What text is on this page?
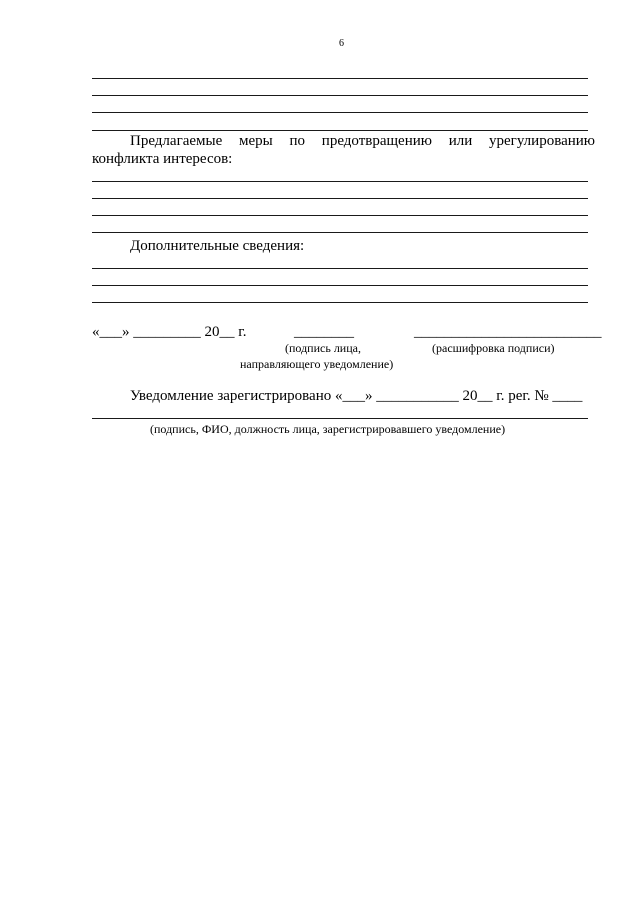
6
Предлагаемые меры по предотвращению или урегулированию
конфликта интересов:
Дополнительные сведения:
«___» _________ 20__ г.	________	_________________________
(подпись лица,
направляющего уведомление)
(расшифровка подписи)
Уведомление зарегистрировано «___» ___________ 20__ г. рег. № ____
(подпись, ФИО, должность лица, зарегистрировавшего уведомление)
